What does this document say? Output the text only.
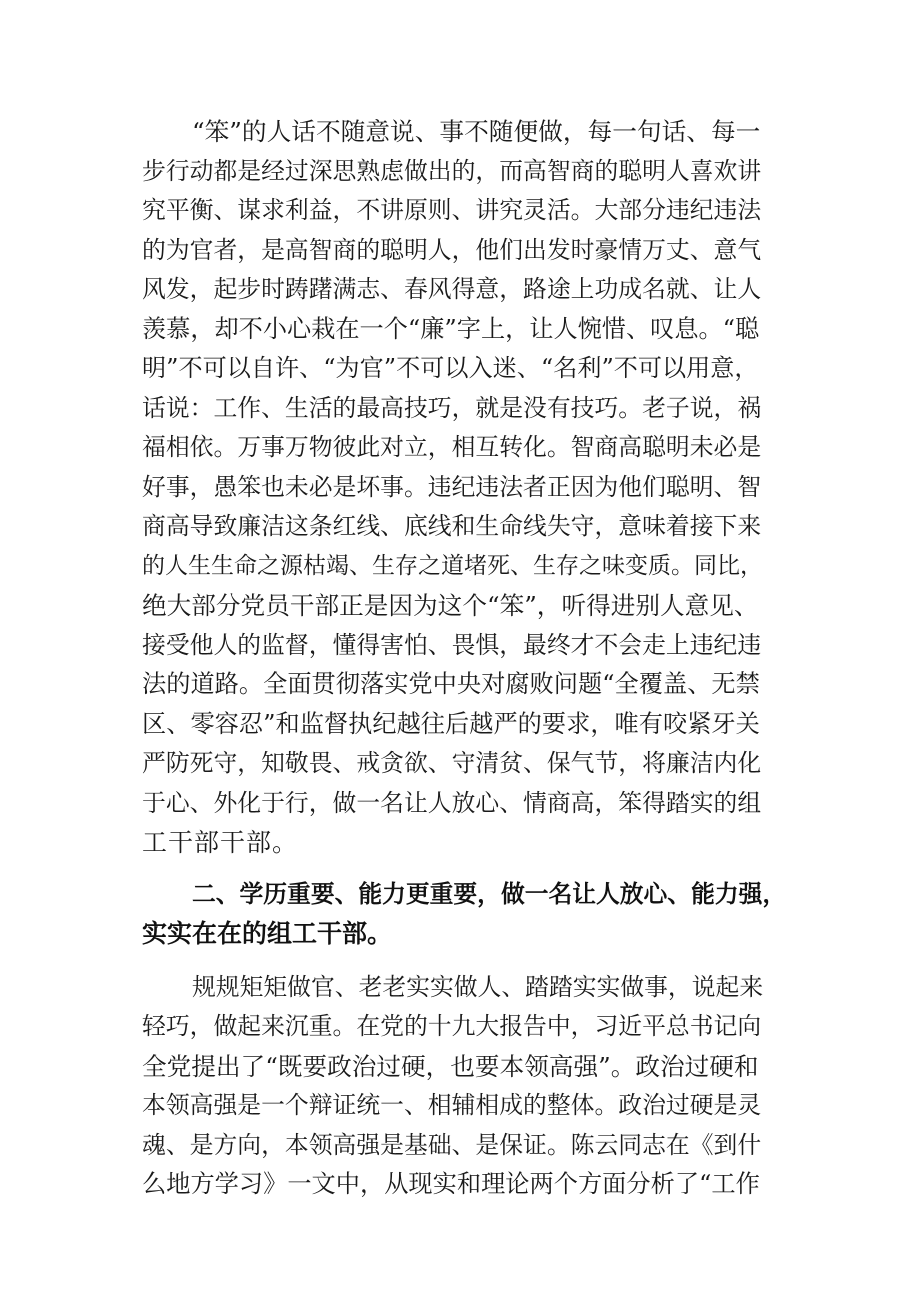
“笨”的人话不随意说、事不随便做，每一句话、每一
步行动都是经过深思熟虑做出的，而高智商的聪明人喜欢讲
究平衡、谋求利益，不讲原则、讲究灵活。大部分违纪违法
的为官者，是高智商的聪明人，他们出发时豪情万丈、意气
风发，起步时踌躇满志、春风得意，路途上功成名就、让人
羡慕，却不小心栽在一个“廉”字上，让人惋惜、叹息。“聪
明”不可以自许、“为官”不可以入迷、“名利”不可以用意，
话说：工作、生活的最高技巧，就是没有技巧。老子说，祸
福相依。万事万物彼此对立，相互转化。智商高聪明未必是
好事，愚笨也未必是坏事。违纪违法者正因为他们聪明、智
商高导致廉洁这条红线、底线和生命线失守，意味着接下来
的人生生命之源枯竭、生存之道堵死、生存之味变质。同比，
绝大部分党员干部正是因为这个“笨”，听得进别人意见、
接受他人的监督，懂得害怕、畏惧，最终才不会走上违纪违
法的道路。全面贯彻落实党中央对腐败问题“全覆盖、无禁
区、零容忍”和监督执纪越往后越严的要求，唯有咬紧牙关
严防死守，知敬畏、戒贪欲、守清贫、保气节，将廉洁内化
于心、外化于行，做一名让人放心、情商高，笨得踏实的组
工干部干部。

二、学历重要、能力更重要，做一名让人放心、能力强，
实实在在的组工干部。

规规矩矩做官、老老实实做人、踏踏实实做事，说起来
轻巧，做起来沉重。在党的十九大报告中，习近平总书记向
全党提出了“既要政治过硬，也要本领高强”。政治过硬和
本领高强是一个辩证统一、相辅相成的整体。政治过硬是灵
魂、是方向，本领高强是基础、是保证。陈云同志在《到什
么地方学习》一文中，从现实和理论两个方面分析了“工作
